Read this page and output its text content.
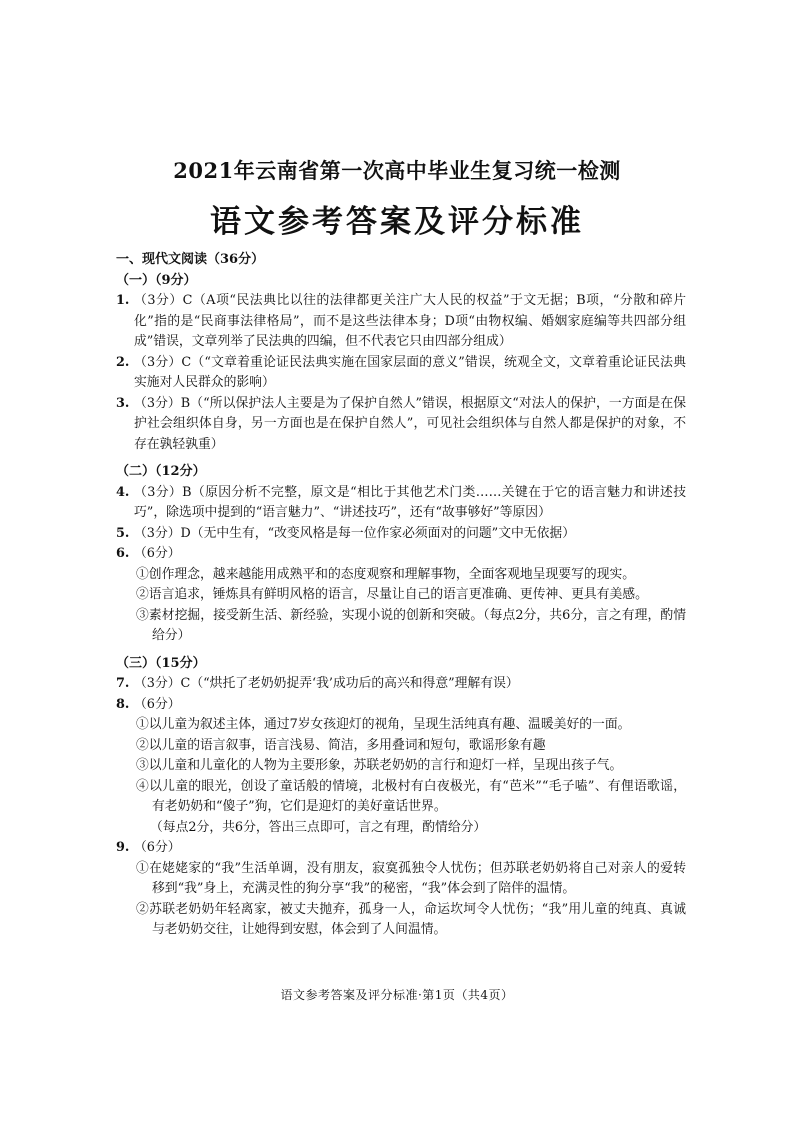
2021年云南省第一次高中毕业生复习统一检测
语文参考答案及评分标准
一、现代文阅读（36分）
（一）（9分）
1. （3分）C（A项“民法典比以往的法律都更关注广大人民的权益”于文无据；B项，“分散和碎片化”指的是“民商事法律格局”，而不是这些法律本身；D项“由物权编、婚姻家庭编等共四部分组成”错误，文章列举了民法典的四编，但不代表它只由四部分组成）
2. （3分）C（“文章着重论证民法典实施在国家层面的意义”错误，统观全文，文章着重论证民法典实施对人民群众的影响）
3. （3分）B（“所以保护法人主要是为了保护自然人”错误，根据原文“对法人的保护，一方面是在保护社会组织体自身，另一方面也是在保护自然人”，可见社会组织体与自然人都是保护的对象，不存在孰轻孰重）
（二）（12分）
4. （3分）B（原因分析不完整，原文是“相比于其他艺术门类……关键在于它的语言魅力和讲述技巧”，除选项中提到的“语言魅力”、“讲述技巧”，还有“故事够好”等原因）
5. （3分）D（无中生有，“改变风格是每一位作家必须面对的问题”文中无依据）
6. （6分）
①创作理念，越来越能用成熟平和的态度观察和理解事物，全面客观地呈现要写的现实。
②语言追求，锤炼具有鲜明风格的语言，尽量让自己的语言更准确、更传神、更具有美感。
③素材挖掘，接受新生活、新经验，实现小说的创新和突破。（每点2分，共6分，言之有理，酌情给分）
（三）（15分）
7. （3分）C（“烘托了老奶奶捉弄‘我’成功后的高兴和得意”理解有误）
8. （6分）
①以儿童为叙述主体，通过7岁女孩迎灯的视角，呈现生活纯真有趣、温暖美好的一面。
②以儿童的语言叙事，语言浅易、简洁，多用叠词和短句，歌谣形象有趣
③以儿童和儿童化的人物为主要形象，苏联老奶奶的言行和迎灯一样，呈现出孩子气。
④以儿童的眼光，创设了童话般的情境，北极村有白夜极光，有“芭米”“毛子嗑”、有俚语歌谣，有老奶奶和“傻子”狗，它们是迎灯的美好童话世界。
（每点2分，共6分，答出三点即可，言之有理，酌情给分）
9. （6分）
①在姥姥家的“我”生活单调，没有朋友，寂寞孤独令人忧伤；但苏联老奶奶将自己对亲人的爱转移到“我”身上，充满灵性的狗分享“我”的秘密，“我”体会到了陪伴的温情。
②苏联老奶奶年轻离家，被丈夫抛弃，孤身一人，命运坎坷令人忧伤；“我”用儿童的纯真、真诚与老奶奶交往，让她得到安慰，体会到了人间温情。
语文参考答案及评分标准·第1页（共4页）
